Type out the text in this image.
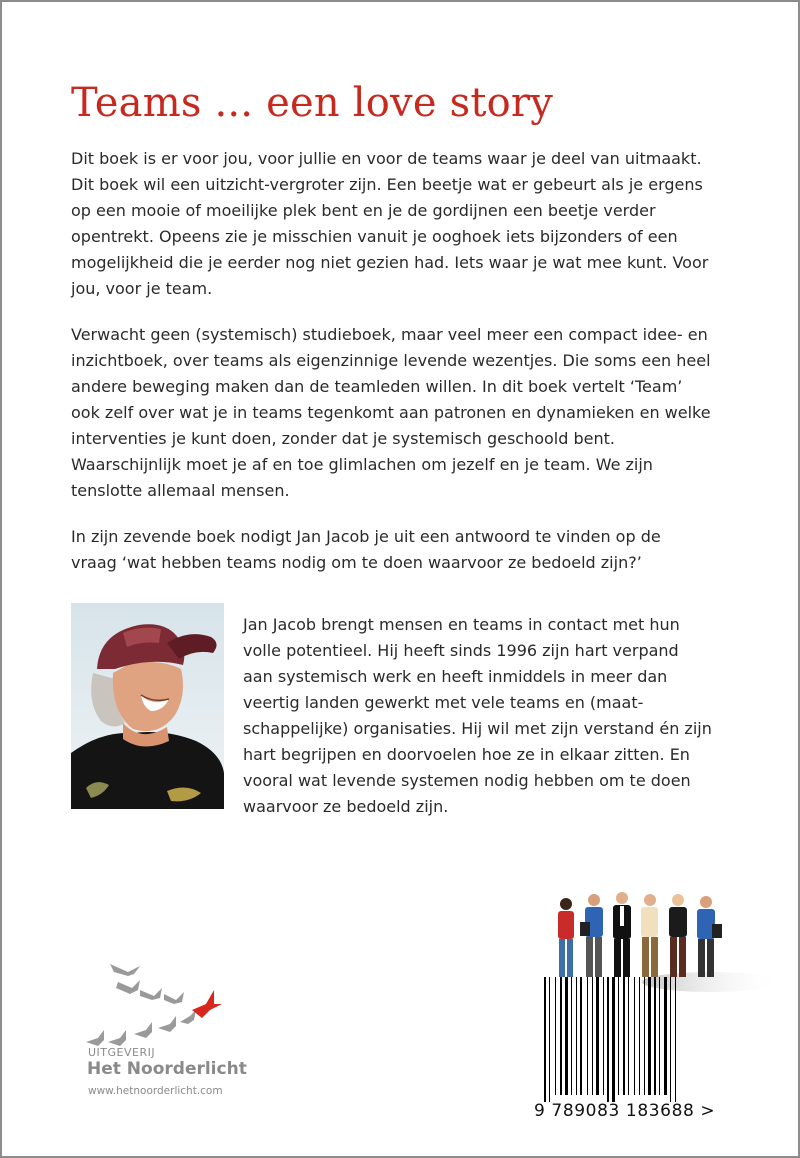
Teams ... een love story

Dit boek is er voor jou, voor jullie en voor de teams waar je deel van uitmaakt. Dit boek wil een uitzicht-vergroter zijn. Een beetje wat er gebeurt als je ergens op een mooie of moeilijke plek bent en je de gordijnen een beetje verder opentrekt. Opeens zie je misschien vanuit je ooghoek iets bijzonders of een mogelijkheid die je eerder nog niet gezien had. Iets waar je wat mee kunt. Voor jou, voor je team.

Verwacht geen (systemisch) studieboek, maar veel meer een compact idee- en inzichtboek, over teams als eigenzinnige levende wezentjes. Die soms een heel andere beweging maken dan de teamleden willen. In dit boek vertelt ‘Team’ ook zelf over wat je in teams tegenkomt aan patronen en dynamieken en welke interventies je kunt doen, zonder dat je systemisch geschoold bent. Waarschijnlijk moet je af en toe glimlachen om jezelf en je team. We zijn tenslotte allemaal mensen.

In zijn zevende boek nodigt Jan Jacob je uit een antwoord te vinden op de vraag ‘wat hebben teams nodig om te doen waarvoor ze bedoeld zijn?’

Jan Jacob brengt mensen en teams in contact met hun volle potentieel. Hij heeft sinds 1996 zijn hart verpand aan systemisch werk en heeft inmiddels in meer dan veertig landen gewerkt met vele teams en (maat-schappelijke) organisaties. Hij wil met zijn verstand én zijn hart begrijpen en doorvoelen hoe ze in elkaar zitten. En vooral wat levende systemen nodig hebben om te doen waarvoor ze bedoeld zijn.

UITGEVERIJ
Het Noorderlicht
www.hetnoorderlicht.com
9 789083 183688 >
